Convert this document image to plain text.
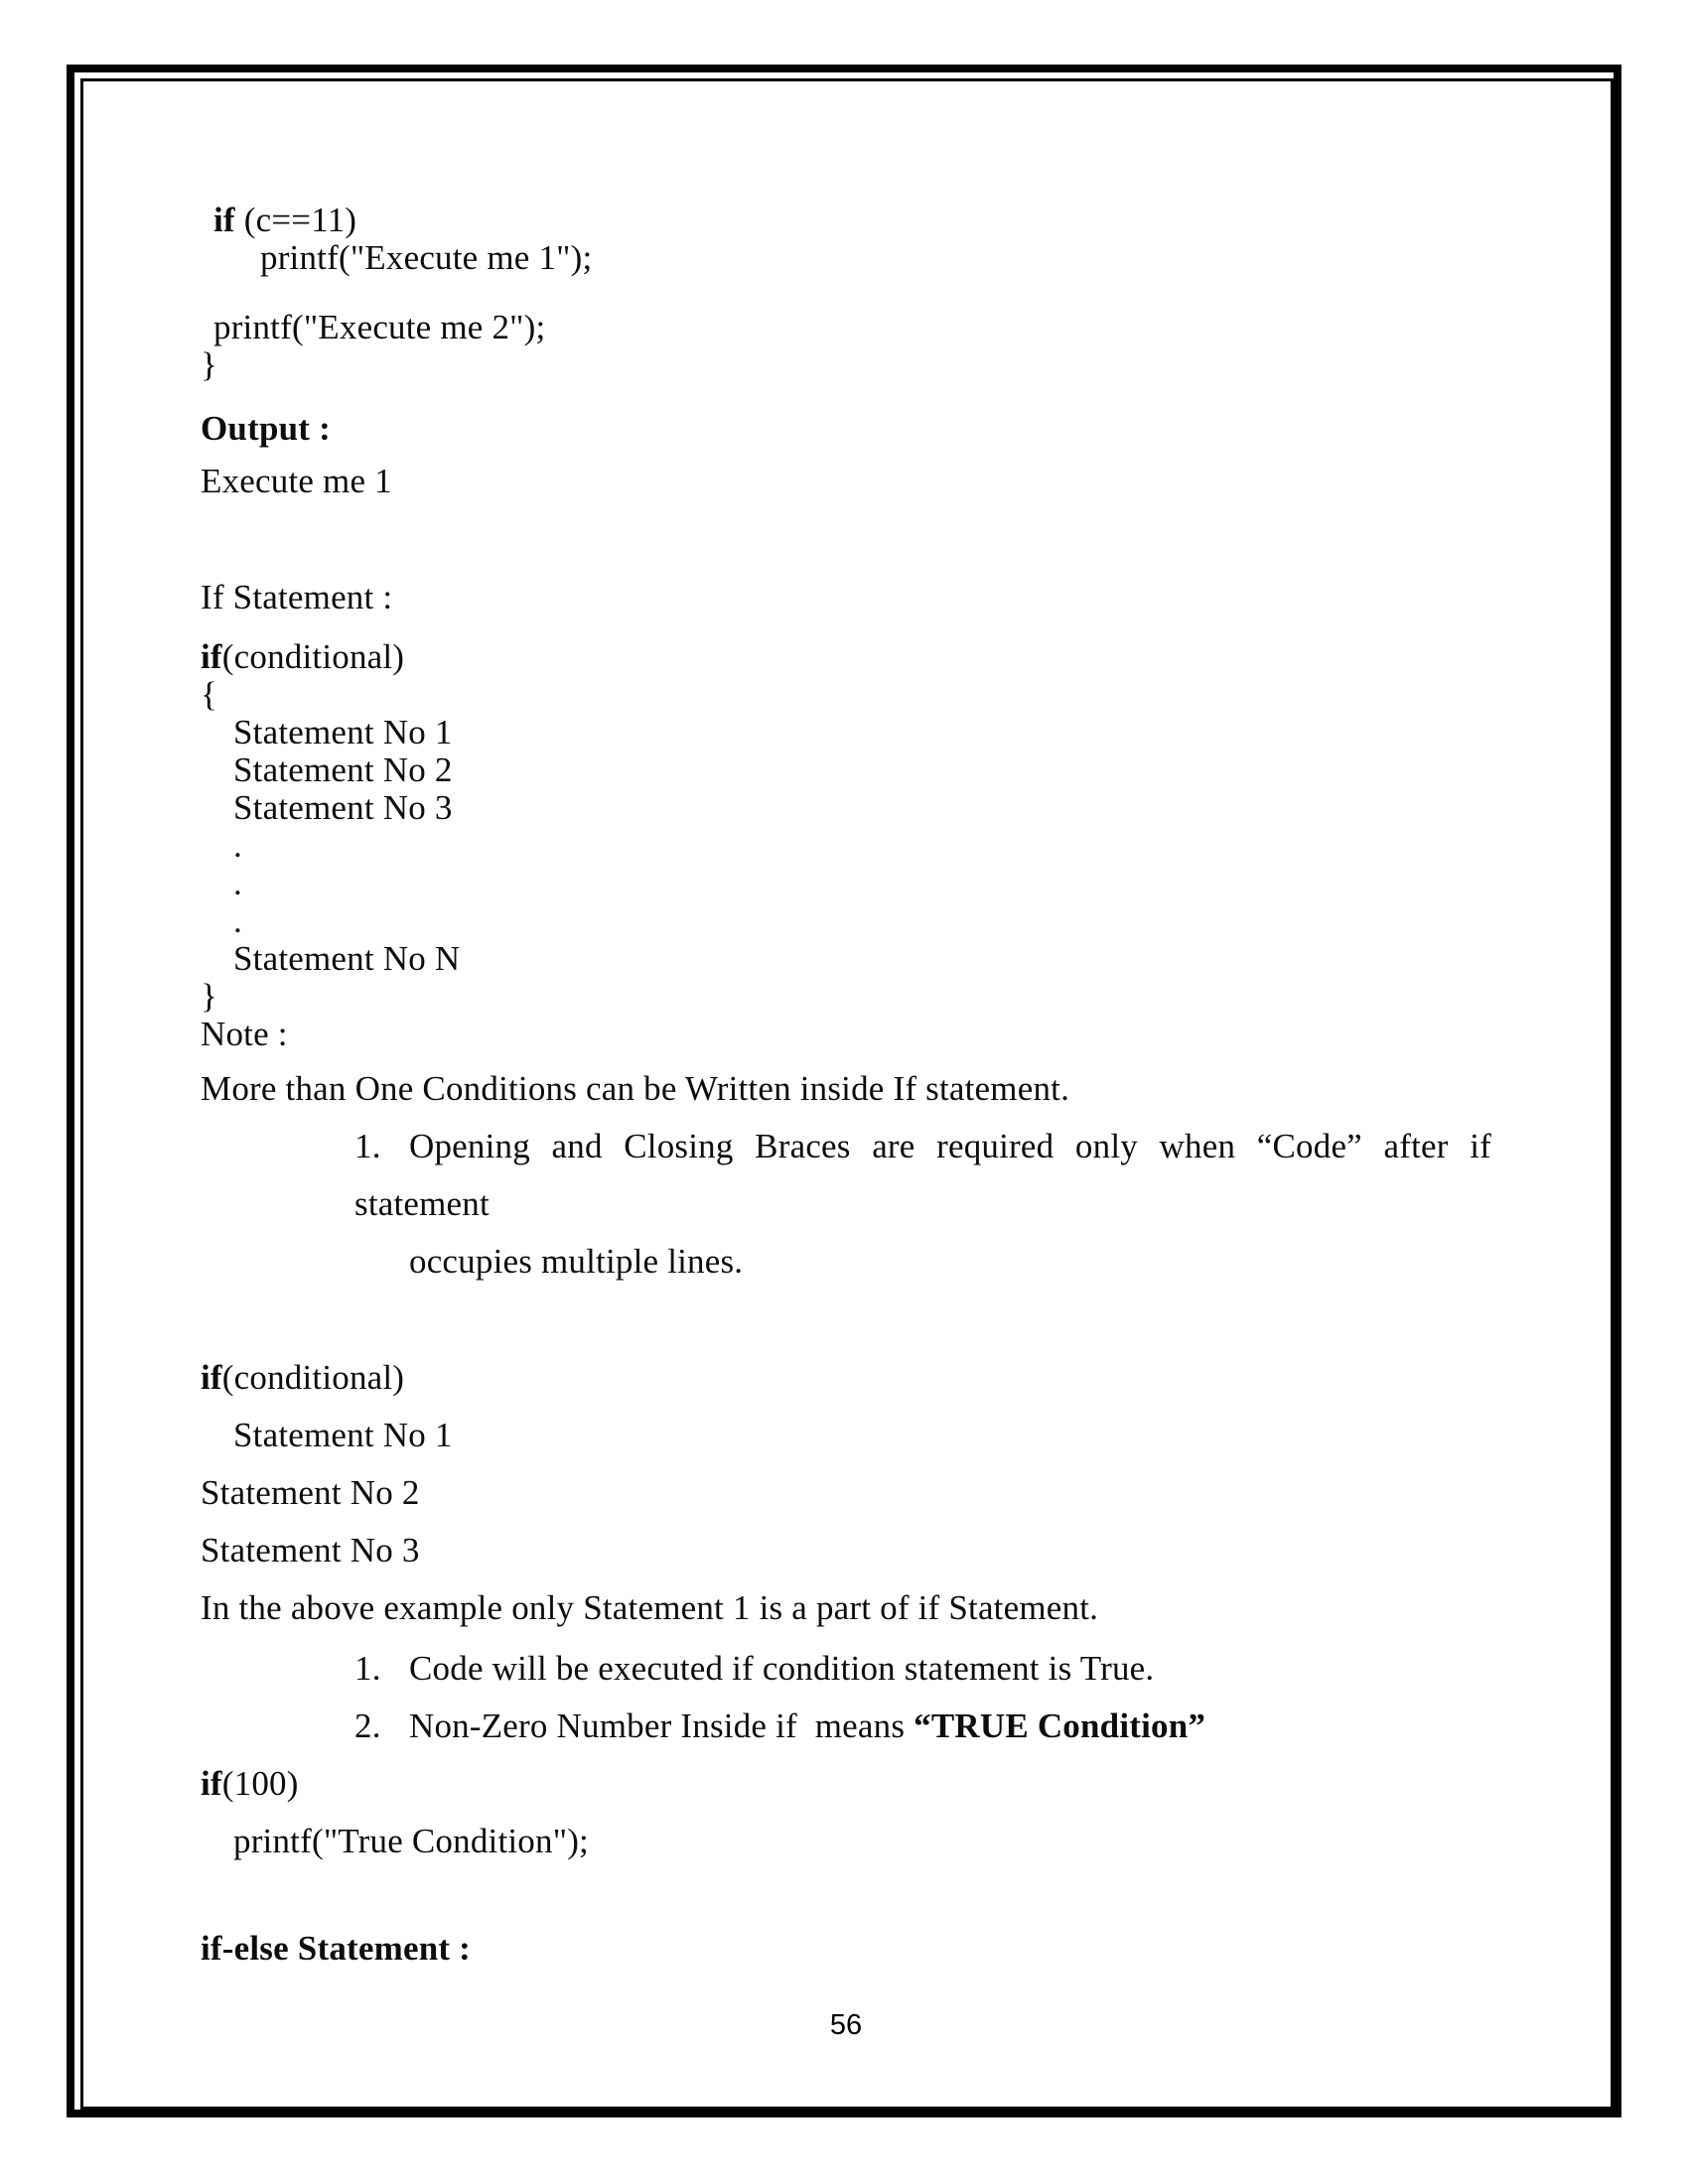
if (c==11)
printf("Execute me 1");
printf("Execute me 2");
}
Output :
Execute me 1
If Statement :
if(conditional)
{
Statement No 1
Statement No 2
Statement No 3
.
.
.
Statement No N
}
Note :
More than One Conditions can be Written inside If statement.
1. Opening and Closing Braces are required only when “Code” after if statement
occupies multiple lines.
if(conditional)
Statement No 1
Statement No 2
Statement No 3
In the above example only Statement 1 is a part of if Statement.
1. Code will be executed if condition statement is True.
2. Non-Zero Number Inside if  means “TRUE Condition”
if(100)
printf("True Condition");
if-else Statement :
56
